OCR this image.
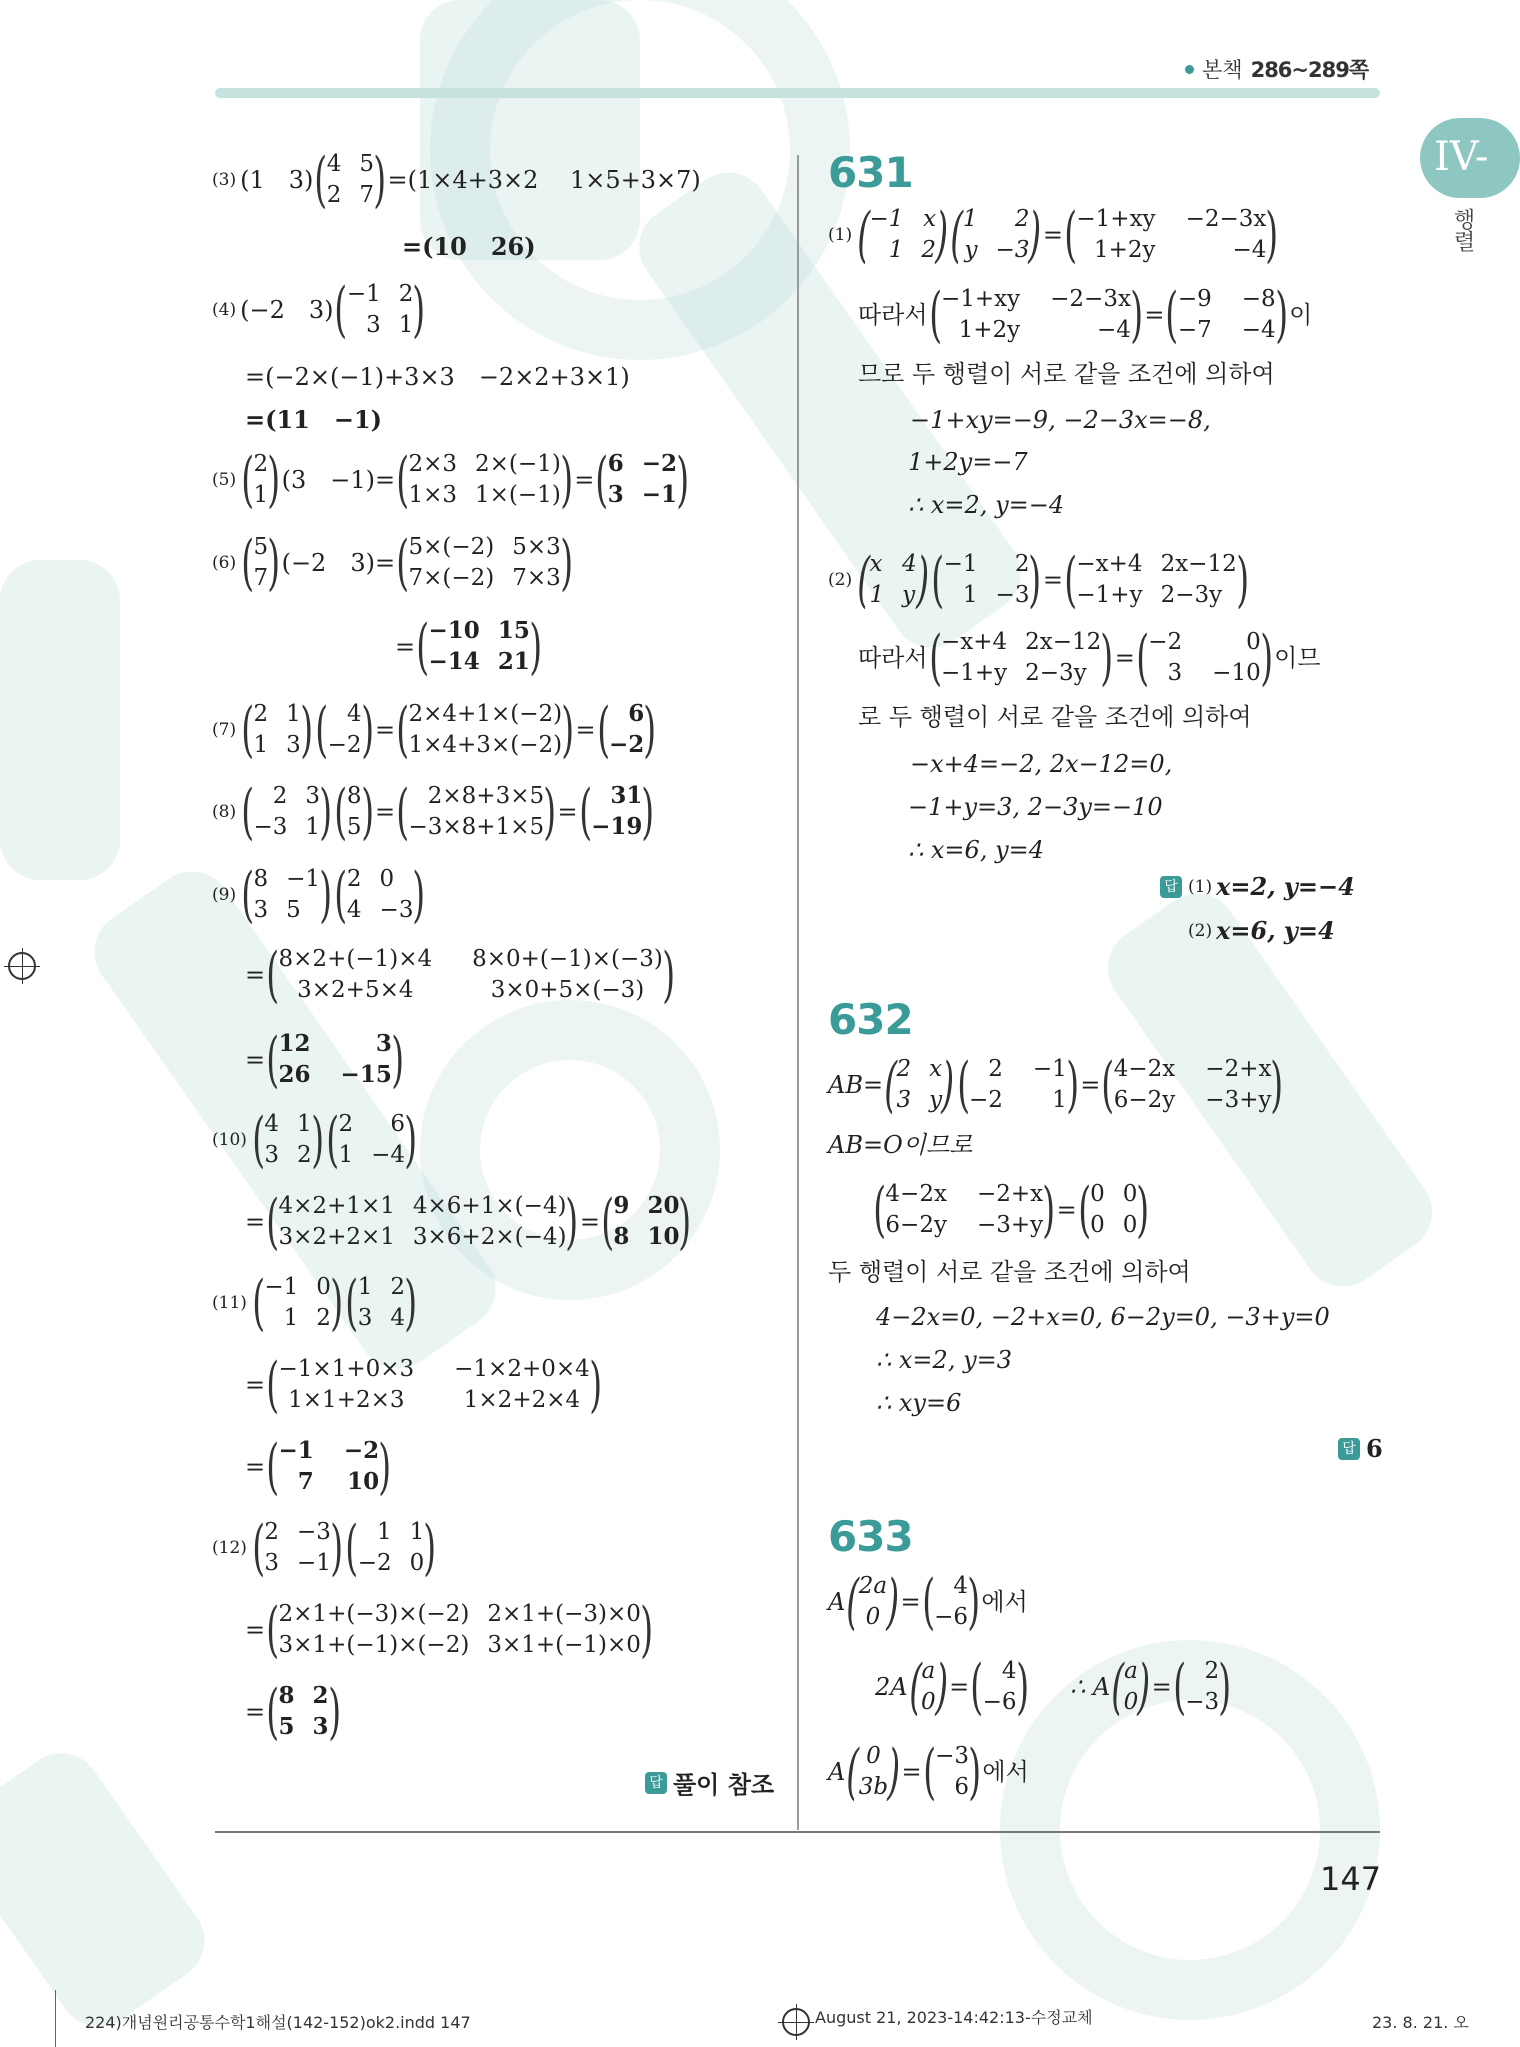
본책 286~289쪽
IV-
행렬
147
(3) (1　3) ( 4 5
2 7 ) =(1×4+3×2　 1×5+3×7)
=(10　26)
(4) (−2　3) ( −1 2
3 1 )
=(−2×(−1)+3×3　−2×2+3×1)
=(11　−1)
(5) ( 2
1 ) (3　−1)= ( 2×3 2×(−1)
1×3 1×(−1) ) = ( 6 −2
3 −1 )
(6) ( 5
7 ) (−2　3)= ( 5×(−2) 5×3
7×(−2) 7×3 )
= ( −10 15
−14 21 )
(7) ( 2 1
1 3 ) ( 4
−2 ) = ( 2×4+1×(−2)
1×4+3×(−2) ) = ( 6
−2 )
(8) ( 2 3
−3 1 ) ( 8
5 ) = ( 2×8+3×5
−3×8+1×5 ) = ( 31
−19 )
(9) ( 8 −1
3 5 ) ( 2 0
4 −3 )
= ( 8×2+(−1)×4 8×0+(−1)×(−3)
3×2+5×4	3×0+5×(−3) )
= ( 12	3
26 −15 )
(10) ( 4 1
3 2 ) ( 2	6
1 −4 )
= ( 4×2+1×1 4×6+1×(−4)
3×2+2×1 3×6+2×(−4) ) = ( 9 20
8 10 )
(11) ( −1 0
1 2 ) ( 1 2
3 4 )
= ( −1×1+0×3 −1×2+0×4
1×1+2×3	1×2+2×4 )
= ( −1 −2
7 10 )
(12) ( 2 −3
3 −1 ) ( 1 1
−2 0 )
= ( 2×1+(−3)×(−2) 2×1+(−3)×0
3×1+(−1)×(−2) 3×1+(−1)×0 )
= ( 8 2
5 3 )
답 풀이 참조
631
(1) ( −1 x
1 2 ) ( 1	2
y −3 ) = ( −1+xy −2−3x
1+2y	−4 )
따라서 ( −1+xy −2−3x
1+2y	−4 ) = ( −9 −8
−7 −4 ) 이
므로 두 행렬이 서로 같을 조건에 의하여
−1+xy=−9, −2−3x=−8,
1+2y=−7
∴ x=2, y=−4
(2) ( x 4
1 y ) ( −1	2
1 −3 ) = ( −x+4 2x−12
−1+y 2−3y )
따라서 ( −x+4 2x−12
−1+y 2−3y ) = ( −2	0
3 −10 ) 이므
로 두 행렬이 서로 같을 조건에 의하여
−x+4=−2, 2x−12=0,
−1+y=3, 2−3y=−10
∴ x=6, y=4
답 (1) x=2, y=−4
(2) x=6, y=4
632
AB= ( 2 x
3 y ) ( 2 −1
−2	1 ) = ( 4−2x −2+x
6−2y −3+y )
AB=O이므로
( 4−2x −2+x
6−2y −3+y ) = ( 0 0
0 0 )
두 행렬이 서로 같을 조건에 의하여
4−2x=0, −2+x=0, 6−2y=0, −3+y=0
∴ x=2, y=3
∴ xy=6
답 6
633
A ( 2a
0 ) = ( 4
−6 ) 에서
2A ( a
0 ) = ( 4
−6 ) ∴ A ( a
0 ) = ( 2
−3 )
A ( 0
3b ) = ( −3
6 ) 에서
224)개념원리공통수학1해설(142-152)ok2.indd 147	August 21, 2023-14:42:13-수정교체	23. 8. 21. 오
